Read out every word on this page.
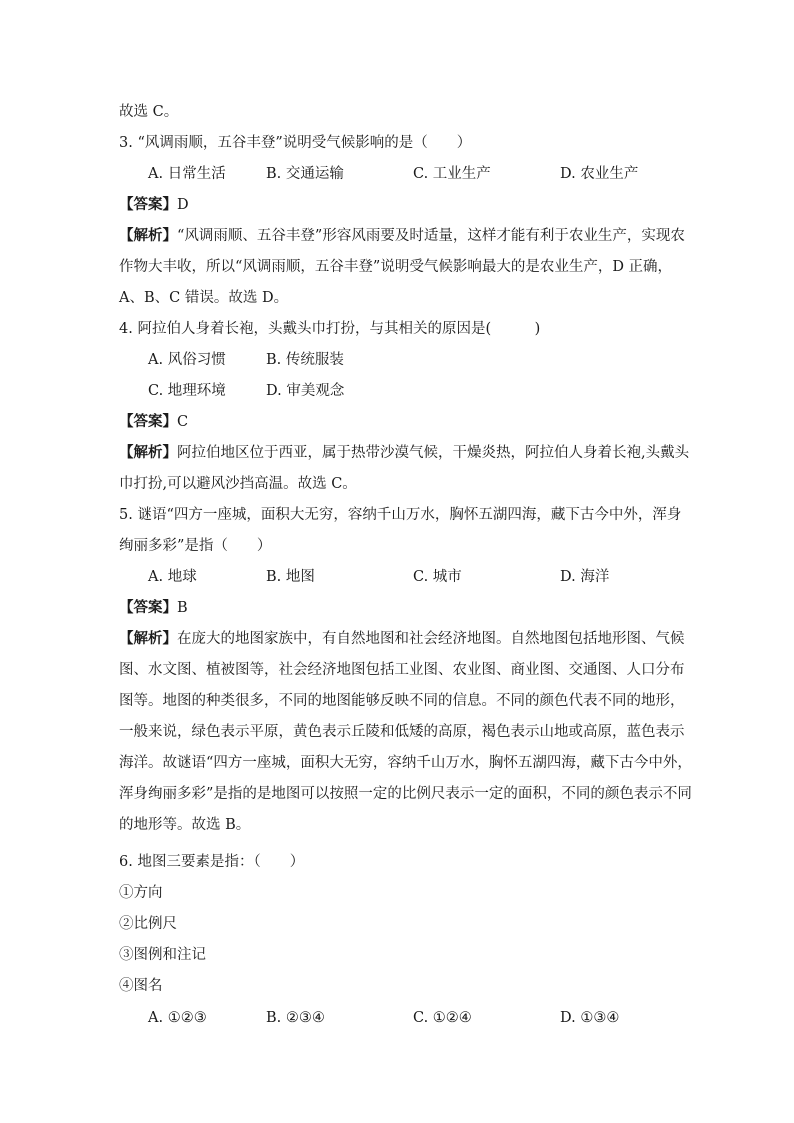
故选 C。
3. “风调雨顺，五谷丰登”说明受气候影响的是（　　）
A. 日常生活	B. 交通运输	C. 工业生产	D. 农业生产
【答案】D
【解析】“风调雨顺、五谷丰登”形容风雨要及时适量，这样才能有利于农业生产，实现农
作物大丰收，所以“风调雨顺，五谷丰登”说明受气候影响最大的是农业生产，D 正确，
A、B、C 错误。故选 D。
4. 阿拉伯人身着长袍，头戴头巾打扮，与其相关的原因是(　　　)
A. 风俗习惯	B. 传统服装
C. 地理环境	D. 审美观念
【答案】C
【解析】阿拉伯地区位于西亚，属于热带沙漠气候，干燥炎热，阿拉伯人身着长袍,头戴头
巾打扮,可以避风沙挡高温。故选 C。
5. 谜语“四方一座城，面积大无穷，容纳千山万水，胸怀五湖四海，藏下古今中外，浑身
绚丽多彩”是指（　　）
A. 地球	B. 地图	C. 城市	D. 海洋
【答案】B
【解析】在庞大的地图家族中，有自然地图和社会经济地图。自然地图包括地形图、气候
图、水文图、植被图等，社会经济地图包括工业图、农业图、商业图、交通图、人口分布
图等。地图的种类很多，不同的地图能够反映不同的信息。不同的颜色代表不同的地形，
一般来说，绿色表示平原，黄色表示丘陵和低矮的高原，褐色表示山地或高原，蓝色表示
海洋。故谜语“四方一座城，面积大无穷，容纳千山万水，胸怀五湖四海，藏下古今中外，
浑身绚丽多彩”是指的是地图可以按照一定的比例尺表示一定的面积，不同的颜色表示不同
的地形等。故选 B。
6. 地图三要素是指：（　　）
①方向
②比例尺
③图例和注记
④图名
A. ①②③	B. ②③④	C. ①②④	D. ①③④
